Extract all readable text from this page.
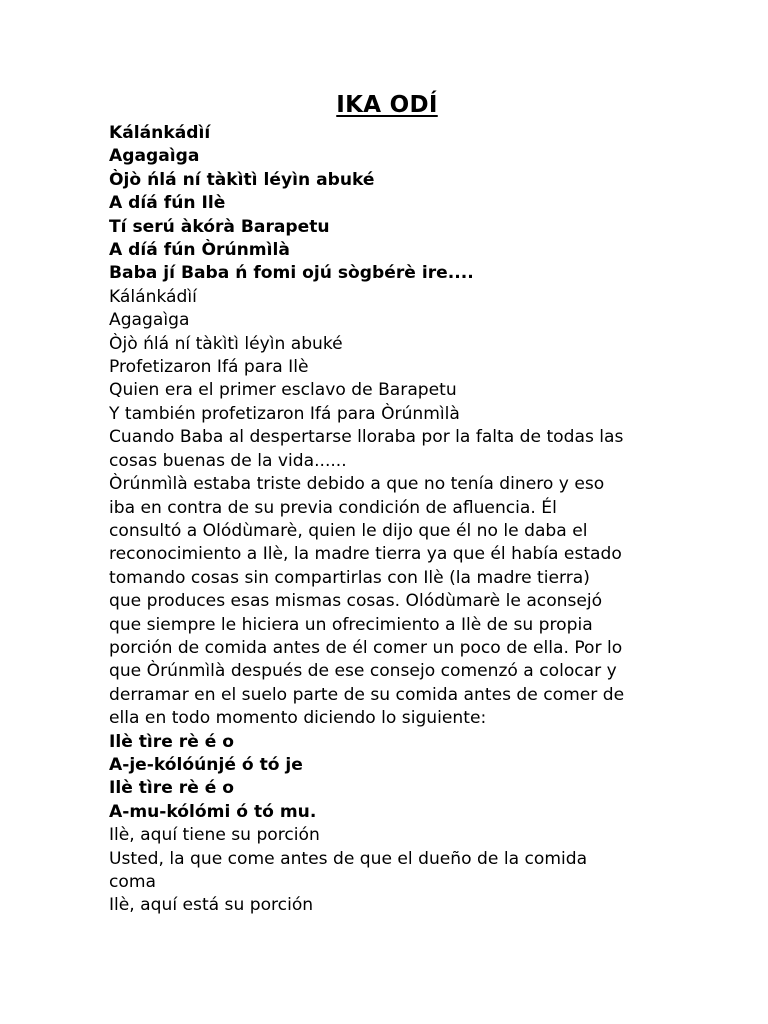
IKA ODÍ

Kálánkádìí

Agagaìga

Òjò ńlá ní tàkìtì léyìn abuké

A díá fún Ilè

Tí serú àkórà Barapetu

A díá fún Òrúnmìlà

Baba jí Baba ń fomi ojú sògbérè ire....

Kálánkádìí

Agagaìga

Òjò ńlá ní tàkìtì léyìn abuké

Profetizaron Ifá para Ilè

Quien era el primer esclavo de Barapetu

Y también profetizaron Ifá para Òrúnmìlà

Cuando Baba al despertarse lloraba por la falta de todas las

cosas buenas de la vida......

Òrúnmìlà estaba triste debido a que no tenía dinero y eso

iba en contra de su previa condición de afluencia. Él

consultó a Olódùmarè, quien le dijo que él no le daba el

reconocimiento a Ilè, la madre tierra ya que él había estado

tomando cosas sin compartirlas con Ilè (la madre tierra)

que produces esas mismas cosas. Olódùmarè le aconsejó

que siempre le hiciera un ofrecimiento a Ilè de su propia

porción de comida antes de él comer un poco de ella. Por lo

que Òrúnmìlà después de ese consejo comenzó a colocar y

derramar en el suelo parte de su comida antes de comer de

ella en todo momento diciendo lo siguiente:

Ilè tìre rè é o

A-je-kólóúnjé ó tó je

Ilè tìre rè é o

A-mu-kólómi ó tó mu.

Ilè, aquí tiene su porción

Usted, la que come antes de que el dueño de la comida

coma

Ilè, aquí está su porción
